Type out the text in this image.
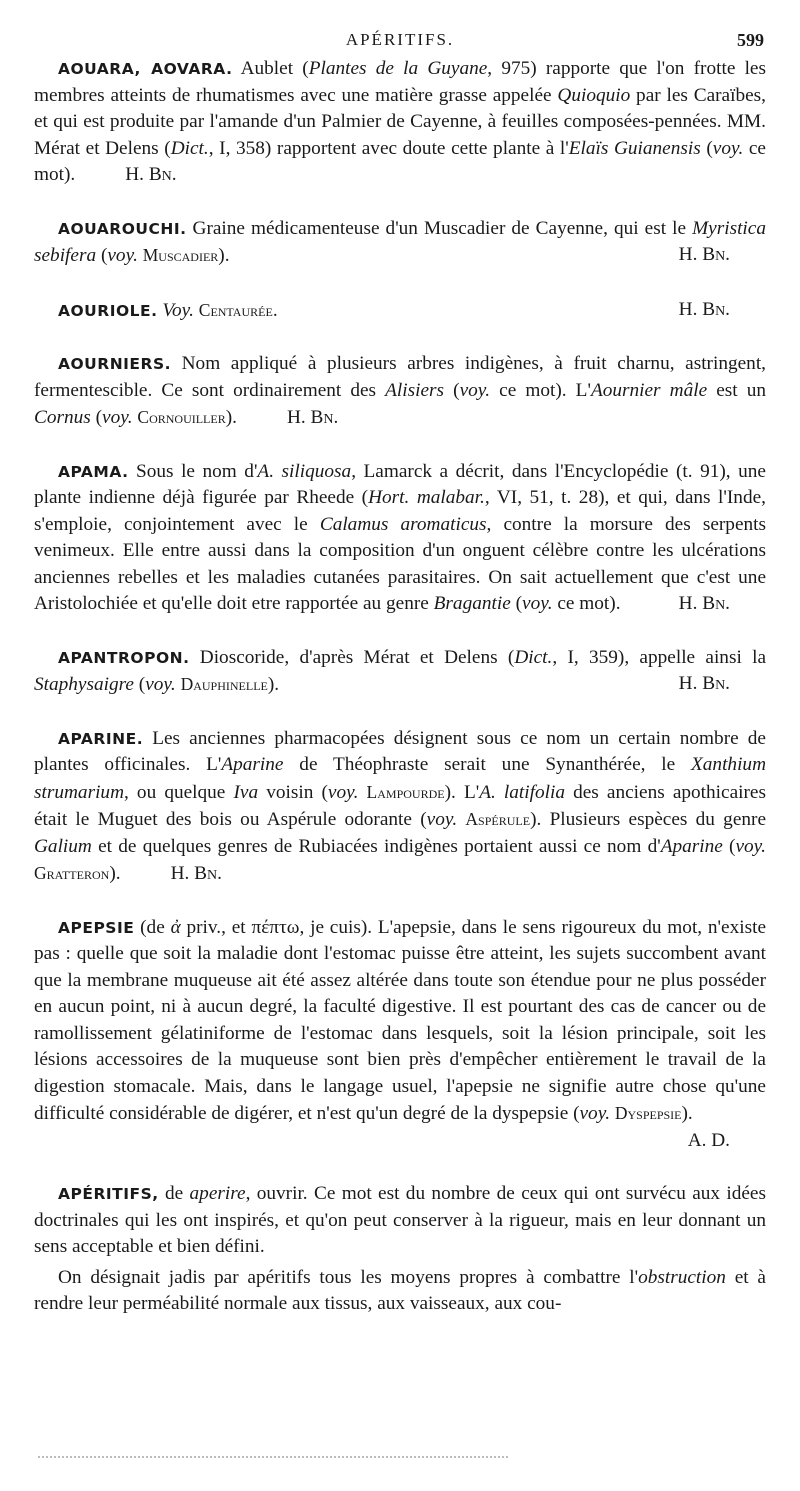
APÉRITIFS.	599

AOUARA, AOVARA. Aublet (Plantes de la Guyane, 975) rapporte que l'on frotte les membres atteints de rhumatismes avec une matière grasse appelée Quioquio par les Caraïbes, et qui est produite par l'amande d'un Palmier de Cayenne, à feuilles composées-pennées. MM. Mérat et Delens (Dict., I, 358) rapportent avec doute cette plante à l'Elaïs Guianensis (voy. ce mot).	H. Bn.

AOUAROUCHI. Graine médicamenteuse d'un Muscadier de Cayenne, qui est le Myristica sebifera (voy. Muscadier).	H. Bn.

AOURIOLE. Voy. Centaurée.	H. Bn.

AOURNIERS. Nom appliqué à plusieurs arbres indigènes, à fruit charnu, astringent, fermentescible. Ce sont ordinairement des Alisiers (voy. ce mot). L'Aournier mâle est un Cornus (voy. Cornouiller).	H. Bn.

APAMA. Sous le nom d'A. siliquosa, Lamarck a décrit, dans l'Encyclopédie (t. 91), une plante indienne déjà figurée par Rheede (Hort. malabar., VI, 51, t. 28), et qui, dans l'Inde, s'emploie, conjointement avec le Calamus aromaticus, contre la morsure des serpents venimeux. Elle entre aussi dans la composition d'un onguent célèbre contre les ulcérations anciennes rebelles et les maladies cutanées parasitaires. On sait actuellement que c'est une Aristolochiée et qu'elle doit etre rapportée au genre Bragantie (voy. ce mot).	H. Bn.

APANTROPON. Dioscoride, d'après Mérat et Delens (Dict., I, 359), appelle ainsi la Staphysaigre (voy. Dauphinelle).	H. Bn.

APARINE. Les anciennes pharmacopées désignent sous ce nom un certain nombre de plantes officinales. L'Aparine de Théophraste serait une Synanthérée, le Xanthium strumarium, ou quelque Iva voisin (voy. Lampourde). L'A. latifolia des anciens apothicaires était le Muguet des bois ou Aspérule odorante (voy. Aspérule). Plusieurs espèces du genre Galium et de quelques genres de Rubiacées indigènes portaient aussi ce nom d'Aparine (voy. Gratteron).	H. Bn.

APEPSIE (de ἀ priv., et πέπτω, je cuis). L'apepsie, dans le sens rigoureux du mot, n'existe pas : quelle que soit la maladie dont l'estomac puisse être atteint, les sujets succombent avant que la membrane muqueuse ait été assez altérée dans toute son étendue pour ne plus posséder en aucun point, ni à aucun degré, la faculté digestive. Il est pourtant des cas de cancer ou de ramollissement gélatiniforme de l'estomac dans lesquels, soit la lésion principale, soit les lésions accessoires de la muqueuse sont bien près d'empêcher entièrement le travail de la digestion stomacale. Mais, dans le langage usuel, l'apepsie ne signifie autre chose qu'une difficulté considérable de digérer, et n'est qu'un degré de la dyspepsie (voy. Dyspepsie).
A. D.

APÉRITIFS, de aperire, ouvrir. Ce mot est du nombre de ceux qui ont survécu aux idées doctrinales qui les ont inspirés, et qu'on peut conserver à la rigueur, mais en leur donnant un sens acceptable et bien défini.

On désignait jadis par apéritifs tous les moyens propres à combattre l'obstruction et à rendre leur perméabilité normale aux tissus, aux vaisseaux, aux cou-
